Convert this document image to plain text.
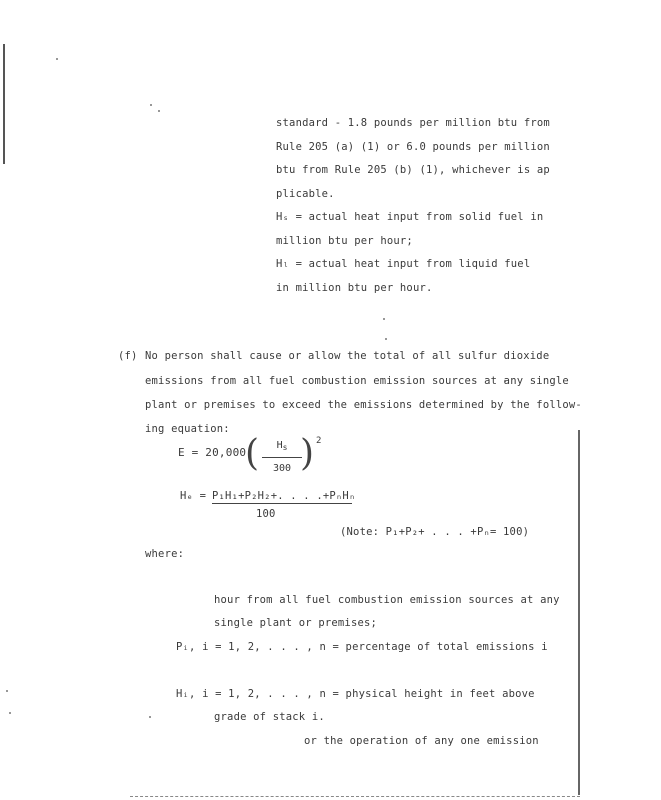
standard - 1.8 pounds per million btu from
Rule 205 (a) (1) or 6.0 pounds per million
btu from Rule 205 (b) (1), whichever is ap
plicable.
Hₛ = actual heat input from solid fuel in
million btu per hour;
Hₗ = actual heat input from liquid fuel
in million btu per hour.
(f) No person shall cause or allow the total of all sulfur dioxide
emissions from all fuel combustion emission sources at any single
plant or premises to exceed the emissions determined by the follow-
ing equation:
E = 20,000
(	$H_s$
300 ) 2
Hₑ = P₁H₁+P₂H₂+. . . .+PₙHₙ
100
(Note: P₁+P₂+ . . . +Pₙ= 100)
where:
hour from all fuel combustion emission sources at any
single plant or premises;
Pᵢ, i = 1, 2, . . . , n = percentage of total emissions i
Hᵢ, i = 1, 2, . . . , n = physical height in feet above
grade of stack i.
or the operation of any one emission
